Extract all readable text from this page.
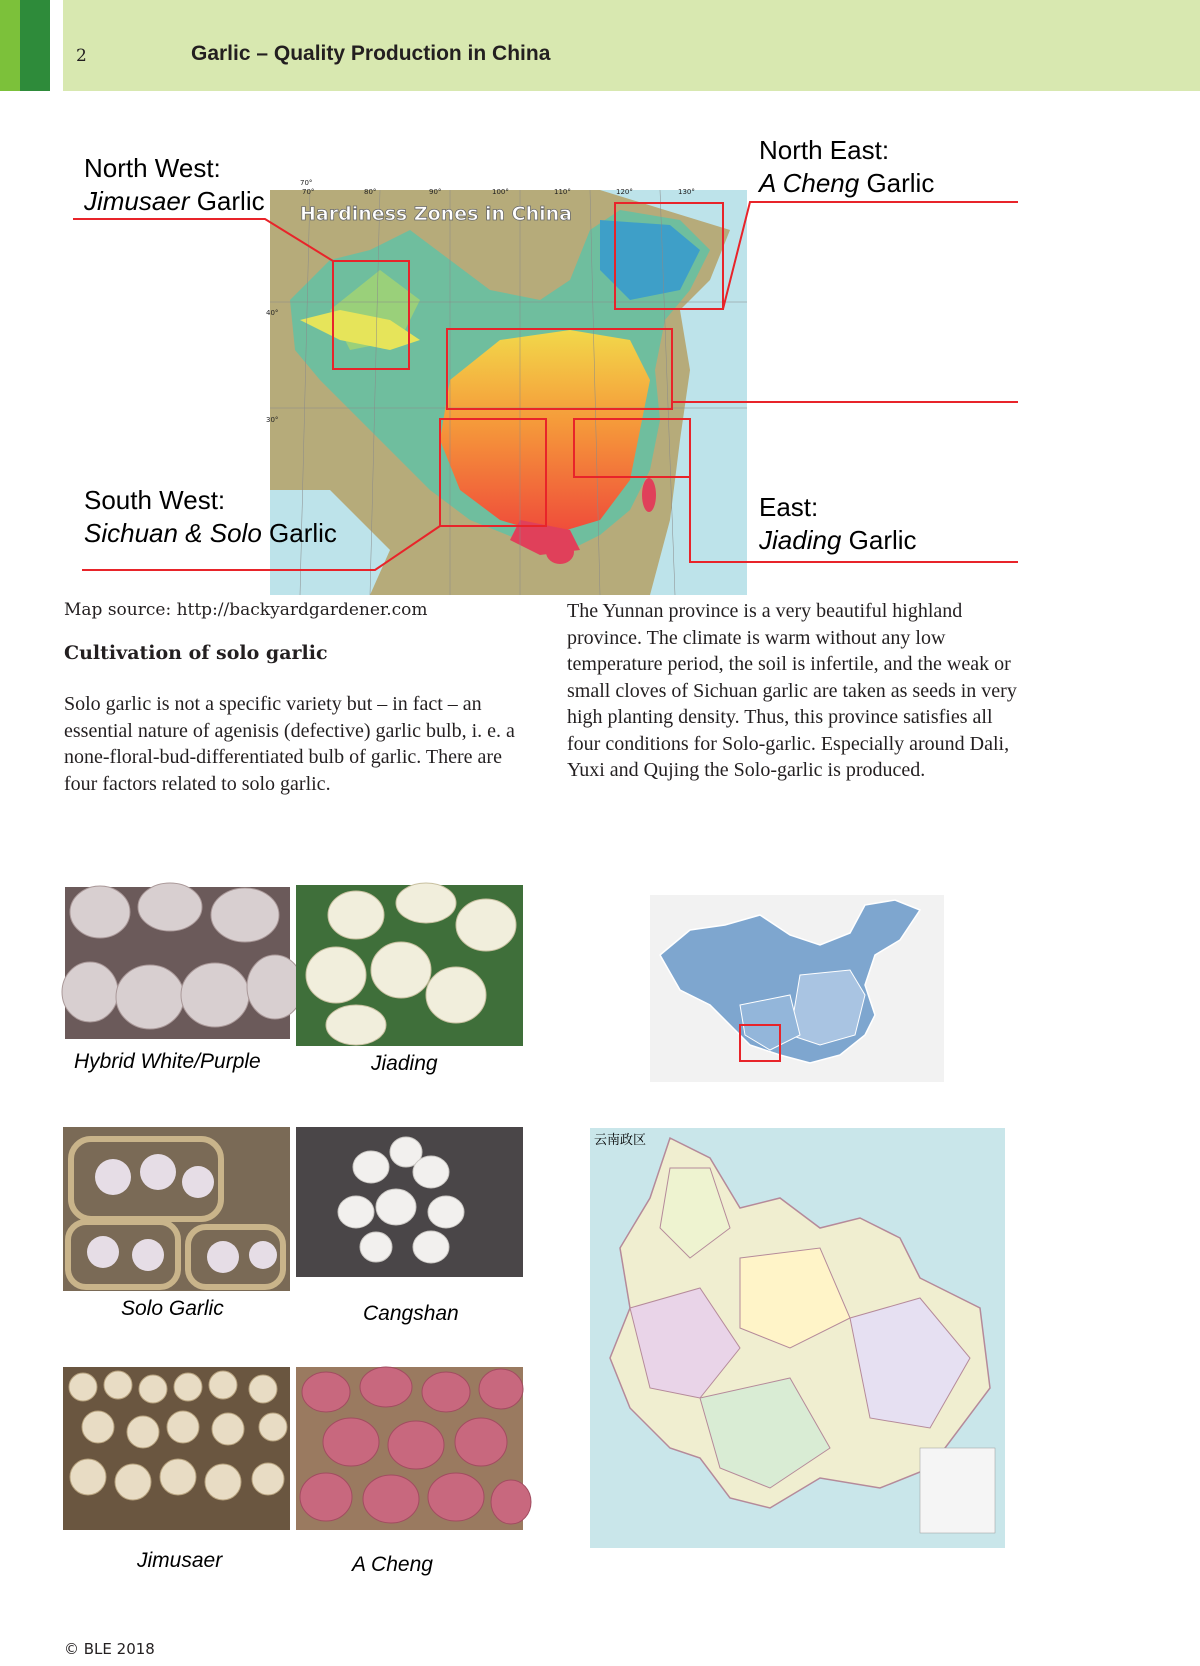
2	Garlic – Quality Production in China
70°
70°	80°	90°	100°	110°	120°	130°
40°
30°
Hardiness Zones in China
North West:
Jimusaer Garlic
North East:
A Cheng Garlic
South West:
Sichuan & Solo Garlic
East:
Jiading Garlic
Map source: http://backyardgardener.com
Cultivation of solo garlic
Solo garlic is not a specific variety but – in fact – an essential nature of agenisis (defective) garlic bulb, i. e. a none-floral-bud-differentiated bulb of garlic. There are four factors related to solo garlic.
The Yunnan province is a very beautiful highland province. The climate is warm without any low temperature period, the soil is infertile, and the weak or small cloves of Sichuan garlic are taken as seeds in very high planting density. Thus, this province satisfies all four conditions for Solo-garlic. Especially around Dali, Yuxi and Qujing the Solo-garlic is produced.
Hybrid White/Purple	Jiading
Solo Garlic	Cangshan
Jimusaer	A Cheng
云南政区
© BLE 2018
